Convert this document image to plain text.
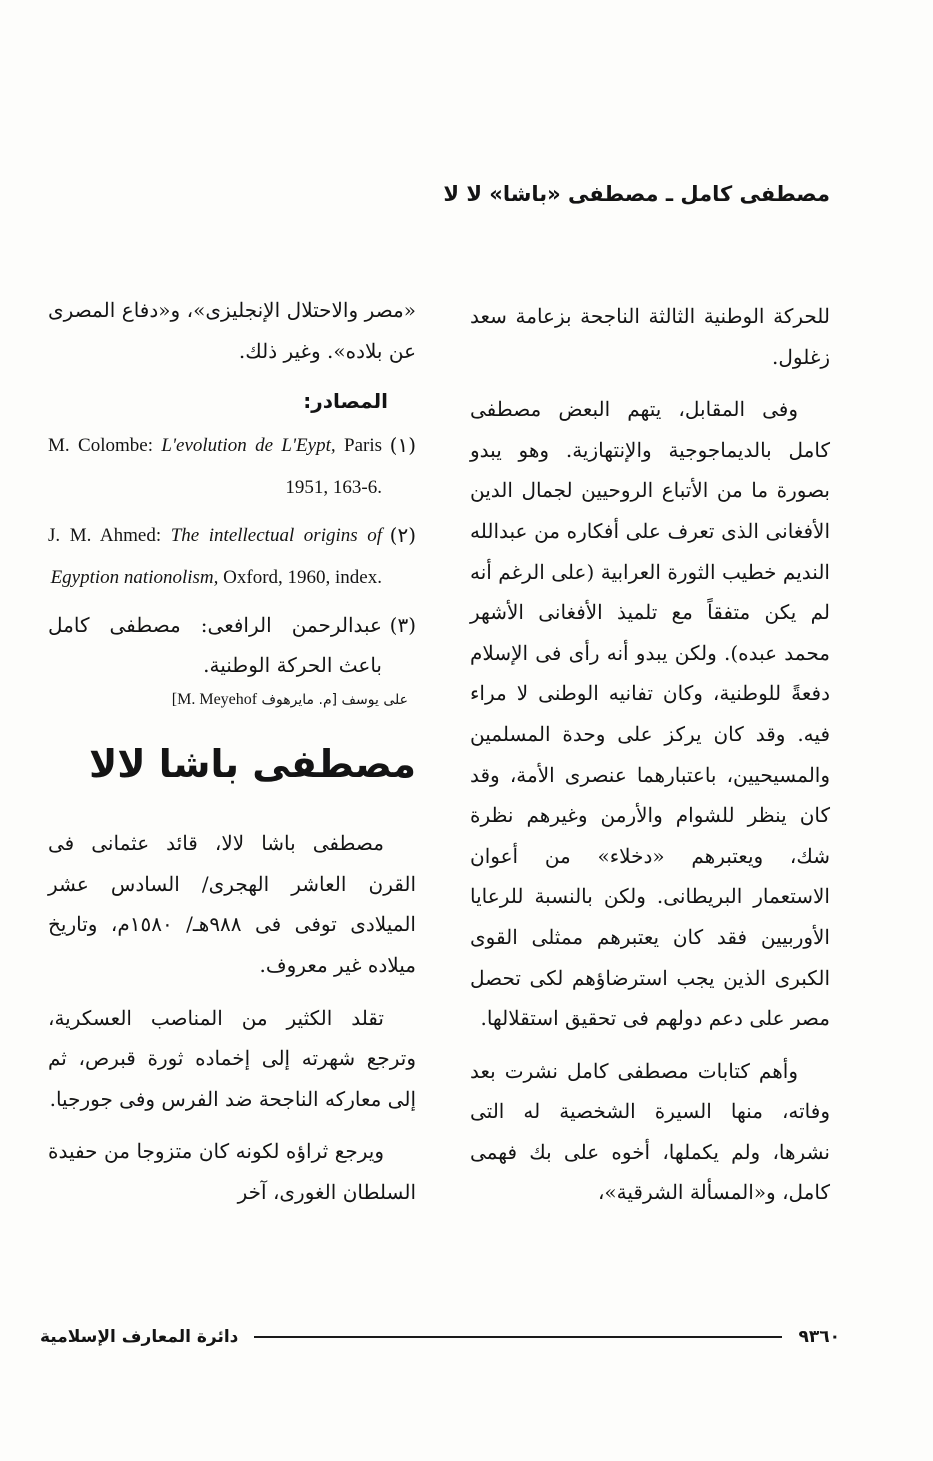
مصطفى كامل ـ مصطفى «باشا» لا لا

للحركة الوطنية الثالثة الناجحة بزعامة سعد زغلول.

وفى المقابل، يتهم البعض مصطفى كامل بالديماجوجية والإنتهازية. وهو يبدو بصورة ما من الأتباع الروحيين لجمال الدين الأفغانى الذى تعرف على أفكاره من عبدالله النديم خطيب الثورة العرابية (على الرغم أنه لم يكن متفقاً مع تلميذ الأفغانى الأشهر محمد عبده). ولكن يبدو أنه رأى فى الإسلام دفعةً للوطنية، وكان تفانيه الوطنى لا مراء فيه. وقد كان يركز على وحدة المسلمين والمسيحيين، باعتبارهما عنصرى الأمة، وقد كان ينظر للشوام والأرمن وغيرهم نظرة شك، ويعتبرهم «دخلاء» من أعوان الاستعمار البريطانى. ولكن بالنسبة للرعايا الأوربيين فقد كان يعتبرهم ممثلى القوى الكبرى الذين يجب استرضاؤهم لكى تحصل مصر على دعم دولهم فى تحقيق استقلالها.

وأهم كتابات مصطفى كامل نشرت بعد وفاته، منها السيرة الشخصية له التى نشرها، ولم يكملها، أخوه على بك فهمى كامل، و«المسألة الشرقية»،

«مصر والاحتلال الإنجليزى»، و«دفاع المصرى عن بلاده». وغير ذلك.

المصادر:
(١)
M. Colombe: L'evolution de L'Eypt, Paris 1951, 163-6.
(٢)
J. M. Ahmed: The intellectual origins of Egyption nationolism, Oxford, 1960, index.
(٣)
عبدالرحمن الرافعى: مصطفى كامل باعث الحركة الوطنية.
على يوسف [م. مايرهوف M. Meyehof]
مصطفى باشا لالا

مصطفى باشا لالا، قائد عثمانى فى القرن العاشر الهجرى/ السادس عشر الميلادى توفى فى ٩٨٨هـ/ ١٥٨٠م، وتاريخ ميلاده غير معروف.

تقلد الكثير من المناصب العسكرية، وترجع شهرته إلى إخماده ثورة قبرص، ثم إلى معاركه الناجحة ضد الفرس وفى جورجيا.

ويرجع ثراؤه لكونه كان متزوجا من حفيدة السلطان الغورى، آخر

دائرة المعارف الإسلامية	٩٣٦٠
